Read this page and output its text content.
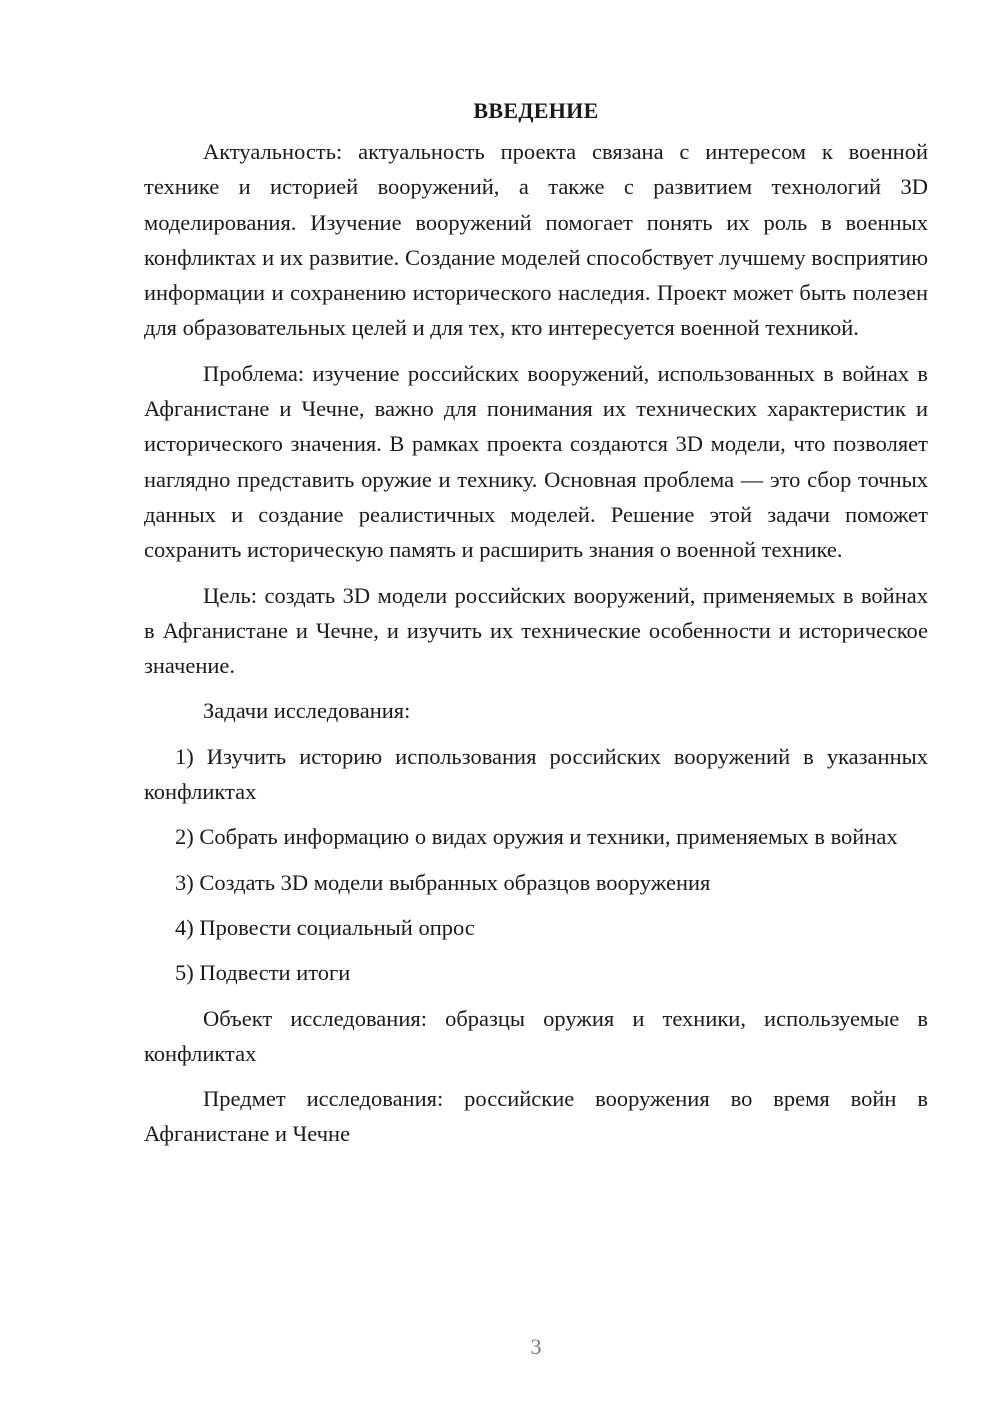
ВВЕДЕНИЕ

Актуальность: актуальность проекта связана с интересом к военной технике и историей вооружений, а также с развитием технологий 3D моделирования. Изучение вооружений помогает понять их роль в военных конфликтах и их развитие. Создание моделей способствует лучшему восприятию информации и сохранению исторического наследия. Проект может быть полезен для образовательных целей и для тех, кто интересуется военной техникой.

Проблема: изучение российских вооружений, использованных в войнах в Афганистане и Чечне, важно для понимания их технических характеристик и исторического значения. В рамках проекта создаются 3D модели, что позволяет наглядно представить оружие и технику. Основная проблема — это сбор точных данных и создание реалистичных моделей. Решение этой задачи поможет сохранить историческую память и расширить знания о военной технике.

Цель: создать 3D модели российских вооружений, применяемых в войнах в Афганистане и Чечне, и изучить их технические особенности и историческое значение.

Задачи исследования:

1) Изучить историю использования российских вооружений в указанных конфликтах

2) Собрать информацию о видах оружия и техники, применяемых в войнах

3) Создать 3D модели выбранных образцов вооружения

4) Провести социальный опрос

5) Подвести итоги

Объект исследования: образцы оружия и техники, используемые в конфликтах

Предмет исследования: российские вооружения во время войн в Афганистане и Чечне

3
